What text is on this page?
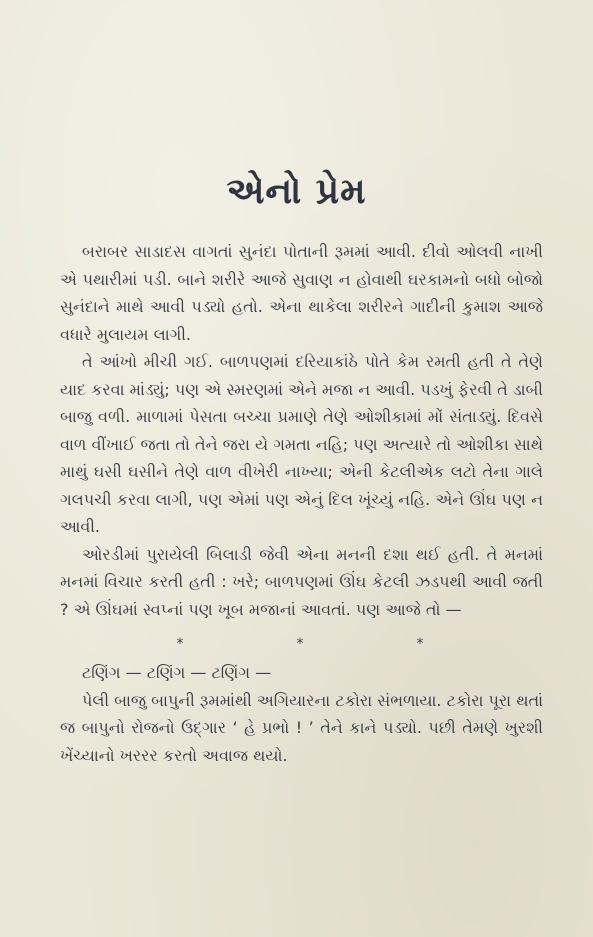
એનો પ્રેમ

બરાબર સાડાદસ વાગતાં સુનંદા પોતાની રૂમમાં આવી. દીવો ઓલવી નાખી એ પથારીમાં પડી. બાને શરીરે આજે સુવાણ ન હોવાથી ઘરકામનો બધો બોજો સુનંદાને માથે આવી પડ્યો હતો. એના થાકેલા શરીરને ગાદીની કુમાશ આજે વધારે મુલાયમ લાગી.

તે આંખો મીચી ગઈ. બાળપણમાં દરિયાકાંઠે પોતે કેમ રમતી હતી તે તેણે યાદ કરવા માંડ્યું; પણ એ સ્મરણમાં એને મજા ન આવી. પડખું ફેરવી તે ડાબી બાજુ વળી. માળામાં પેસતા બચ્ચા પ્રમાણે તેણે ઓશીકામાં મોં સંતાડ્યું. દિવસે વાળ વીંખાઈ જતા તો તેને જરા યે ગમતા નહિ; પણ અત્યારે તો ઓશીકા સાથે માથું ઘસી ઘસીને તેણે વાળ વીખેરી નાખ્યા; એની કેટલીએક લટો તેના ગાલે ગલપચી કરવા લાગી, પણ એમાં પણ એનું દિલ ખૂંચ્યું નહિ. એને ઊંઘ પણ ન આવી.

ઓરડીમાં પુરાયેલી બિલાડી જેવી એના મનની દશા થઈ હતી. તે મનમાં મનમાં વિચાર કરતી હતી : ખરે; બાળપણમાં ઊંઘ કેટલી ઝડપથી આવી જતી ? એ ઊંઘમાં સ્વપ્નાં પણ ખૂબ મજાનાં આવતાં. પણ આજે તો —

*	*	*

ટણિંગ — ટણિંગ — ટણિંગ —

પેલી બાજુ બાપુની રૂમમાંથી અગિયારના ટકોરા સંભળાયા. ટકોરા પૂરા થતાં જ બાપુનો રોજનો ઉદ્ગાર ‘ હે પ્રભો ! ’ તેને કાને પડ્યો. પછી તેમણે ખુરશી ખેંચ્યાનો ખરરર કરતો અવાજ થયો.
